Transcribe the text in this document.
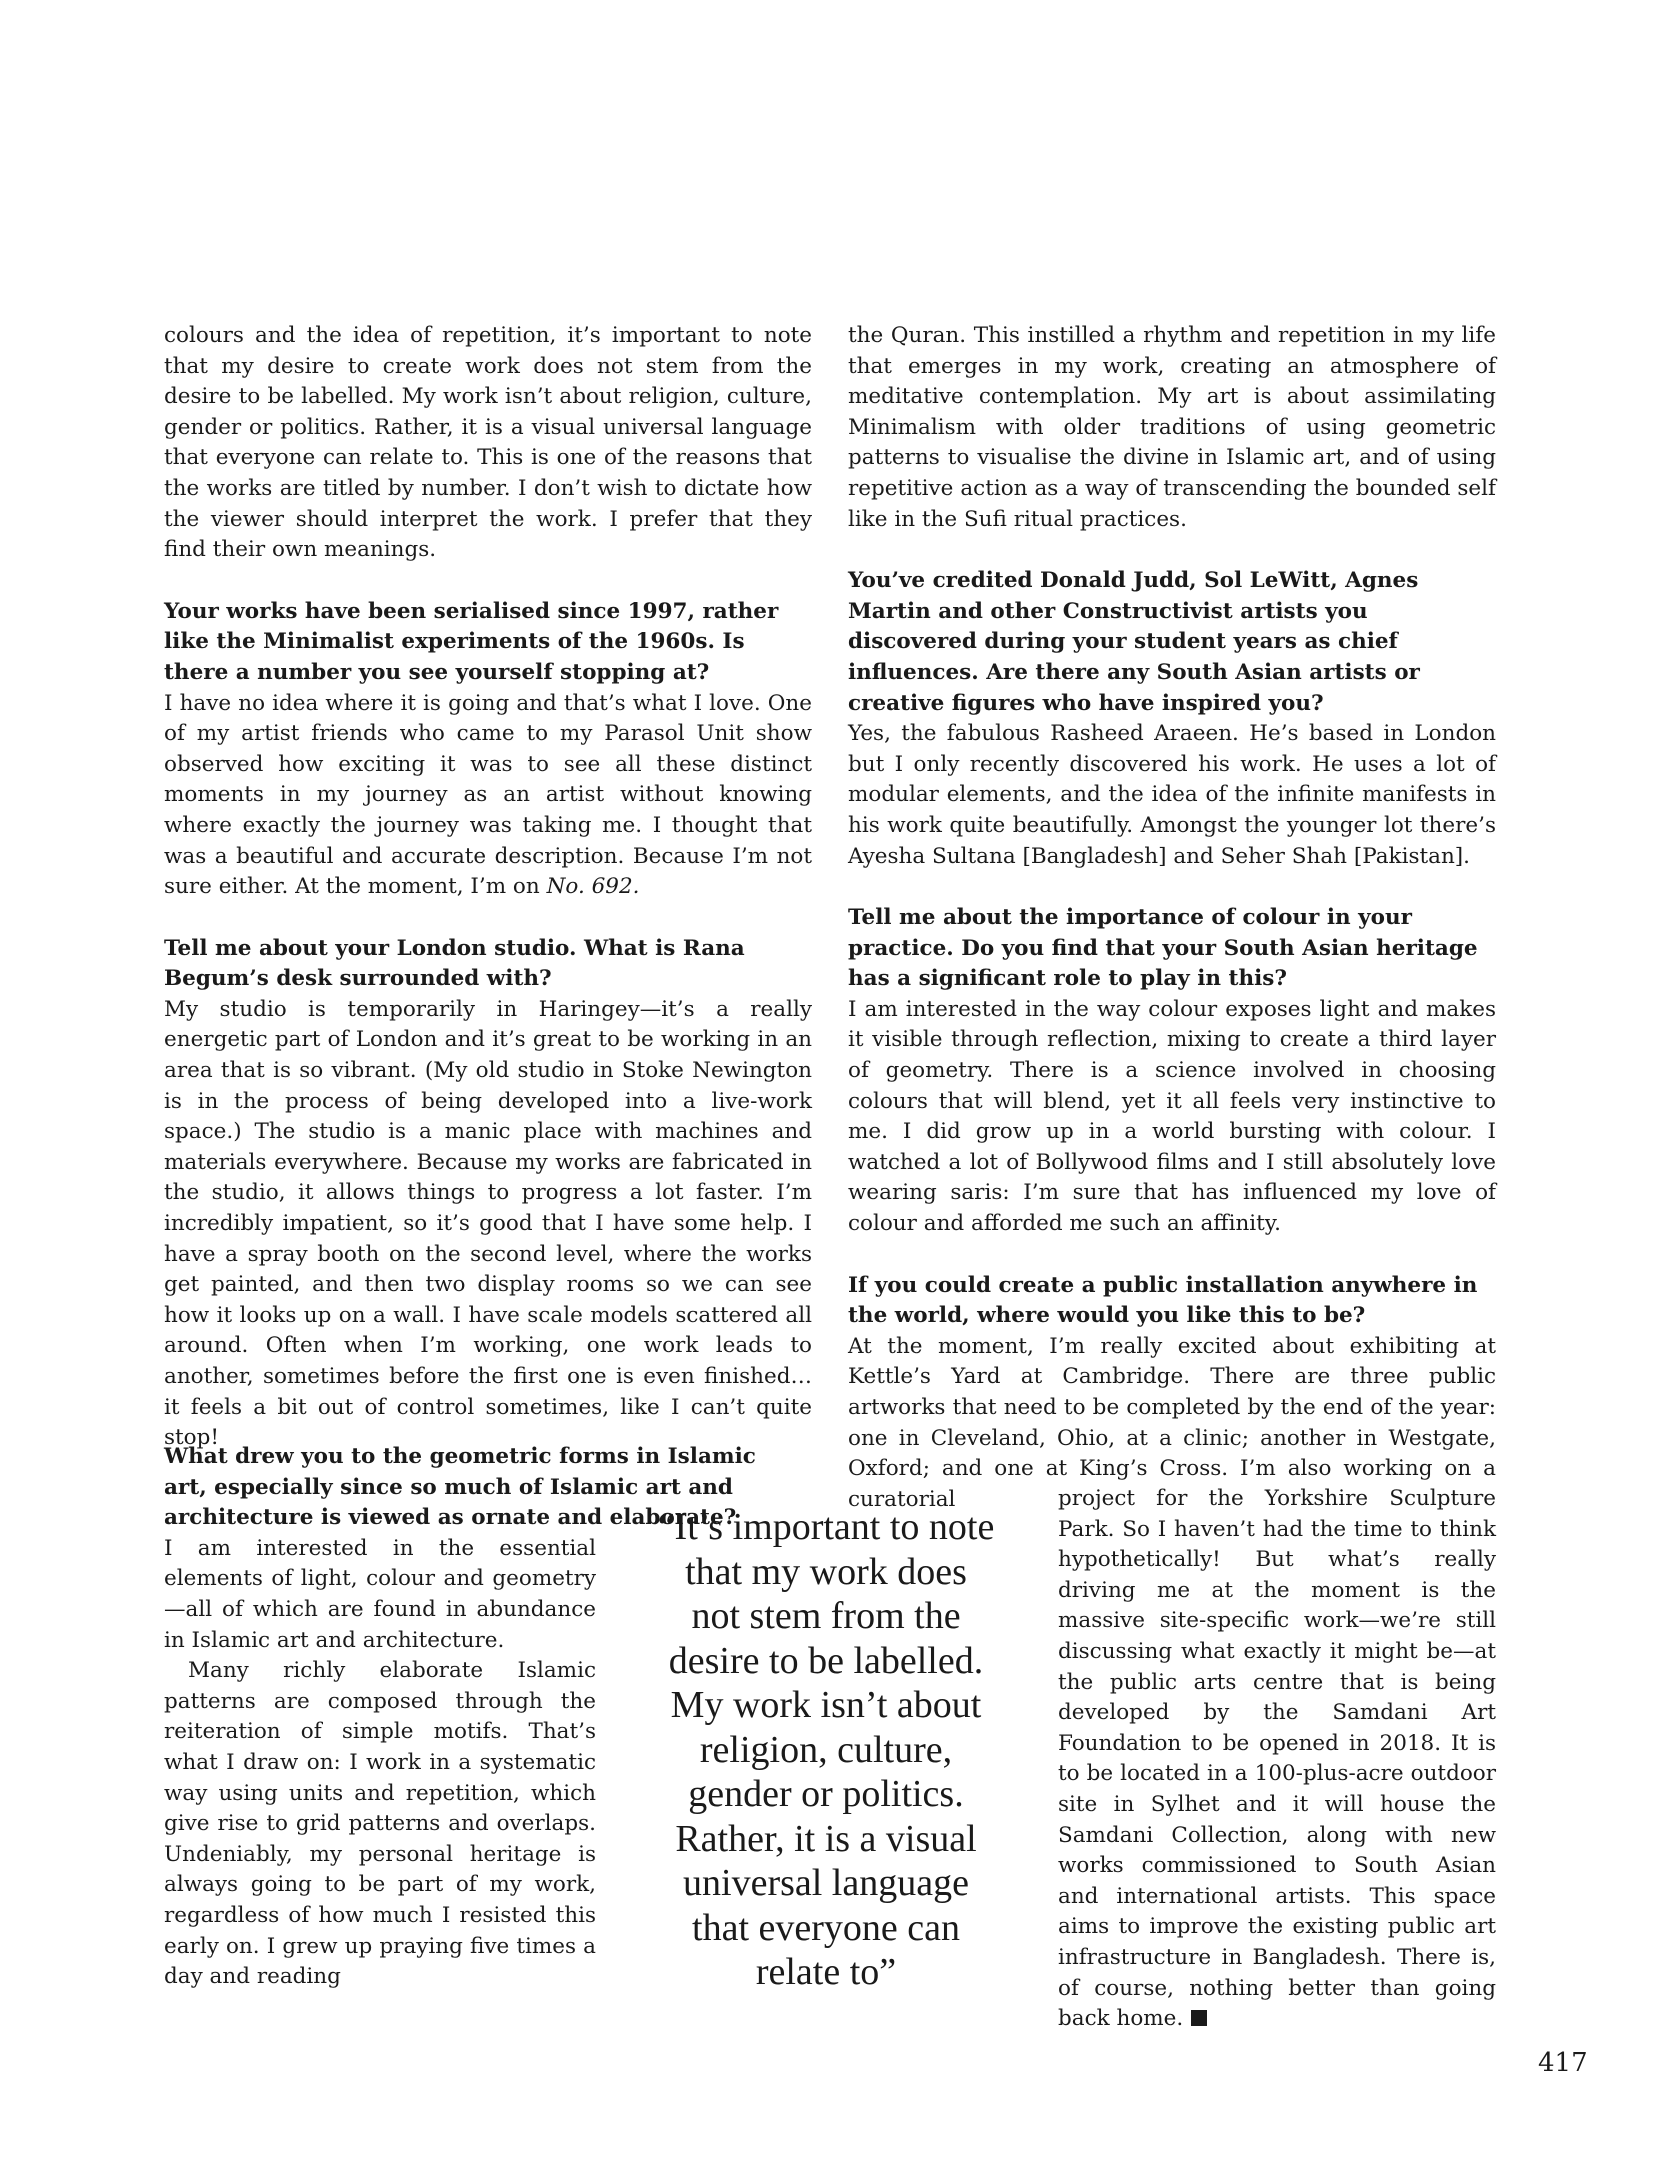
colours and the idea of repetition, it’s important to note that my desire to create work does not stem from the desire to be labelled. My work isn’t about religion, culture, gender or politics. Rather, it is a visual universal language that everyone can relate to. This is one of the reasons that the works are titled by number. I don’t wish to dictate how the viewer should interpret the work. I prefer that they find their own meanings.

Your works have been serialised since 1997, rather like the Minimalist experiments of the 1960s. Is there a number you see yourself stopping at?

I have no idea where it is going and that’s what I love. One of my artist friends who came to my Parasol Unit show observed how exciting it was to see all these distinct moments in my journey as an artist without knowing where exactly the journey was taking me. I thought that was a beautiful and accurate description. Because I’m not sure either. At the moment, I’m on No. 692.

Tell me about your London studio. What is Rana Begum’s desk surrounded with?

My studio is temporarily in Haringey—it’s a really energetic part of London and it’s great to be working in an area that is so vibrant. (My old studio in Stoke Newington is in the process of being developed into a live-work space.) The studio is a manic place with machines and materials everywhere. Because my works are fabricated in the studio, it allows things to progress a lot faster. I’m incredibly impatient, so it’s good that I have some help. I have a spray booth on the second level, where the works get painted, and then two display rooms so we can see how it looks up on a wall. I have scale models scattered all around. Often when I’m working, one work leads to another, sometimes before the first one is even finished… it feels a bit out of control sometimes, like I can’t quite stop!

What drew you to the geometric forms in Islamic art, especially since so much of Islamic art and architecture is viewed as ornate and elaborate?

I am interested in the essential elements of light, colour and geometry—all of which are found in abundance in Islamic art and architecture.

Many richly elaborate Islamic patterns are composed through the reiteration of simple motifs. That’s what I draw on: I work in a systematic way using units and repetition, which give rise to grid patterns and overlaps. Undeniably, my personal heritage is always going to be part of my work, regardless of how much I resisted this early on. I grew up praying five times a day and reading

the Quran. This instilled a rhythm and repetition in my life that emerges in my work, creating an atmosphere of meditative contemplation. My art is about assimilating Minimalism with older traditions of using geometric patterns to visualise the divine in Islamic art, and of using repetitive action as a way of transcending the bounded self like in the Sufi ritual practices.

You’ve credited Donald Judd, Sol LeWitt, Agnes Martin and other Constructivist artists you discovered during your student years as chief influences. Are there any South Asian artists or creative figures who have inspired you?

Yes, the fabulous Rasheed Araeen. He’s based in London but I only recently discovered his work. He uses a lot of modular elements, and the idea of the infinite manifests in his work quite beautifully. Amongst the younger lot there’s Ayesha Sultana [Bangladesh] and Seher Shah [Pakistan].

Tell me about the importance of colour in your practice. Do you find that your South Asian heritage has a significant role to play in this?

I am interested in the way colour exposes light and makes it visible through reflection, mixing to create a third layer of geometry. There is a science involved in choosing colours that will blend, yet it all feels very instinctive to me. I did grow up in a world bursting with colour. I watched a lot of Bollywood films and I still absolutely love wearing saris: I’m sure that has influenced my love of colour and afforded me such an affinity.

If you could create a public installation anywhere in the world, where would you like this to be?

At the moment, I’m really excited about exhibiting at Kettle’s Yard at Cambridge. There are three public artworks that need to be completed by the end of the year: one in Cleveland, Ohio, at a clinic; another in Westgate, Oxford; and one at King’s Cross. I’m also working on a curatorial	project for the Yorkshire Sculpture Park. So I haven’t had the time to think hypothetically! But what’s really driving me at the moment is the massive site-specific work—we’re still discussing what exactly it might be—at the public arts centre that is being developed by the Samdani Art Foundation to be opened in 2018. It is to be located in a 100-plus-acre outdoor site in Sylhet and it will house the Samdani Collection, along with new works commissioned to South Asian and international artists. This space aims to improve the existing public art infrastructure in Bangladesh. There is, of course, nothing better than going back home.

“It’s important to note
that my work does
not stem from the
desire to be labelled.
My work isn’t about
religion, culture,
gender or politics.
Rather, it is a visual
universal language
that everyone can
relate to”
417
